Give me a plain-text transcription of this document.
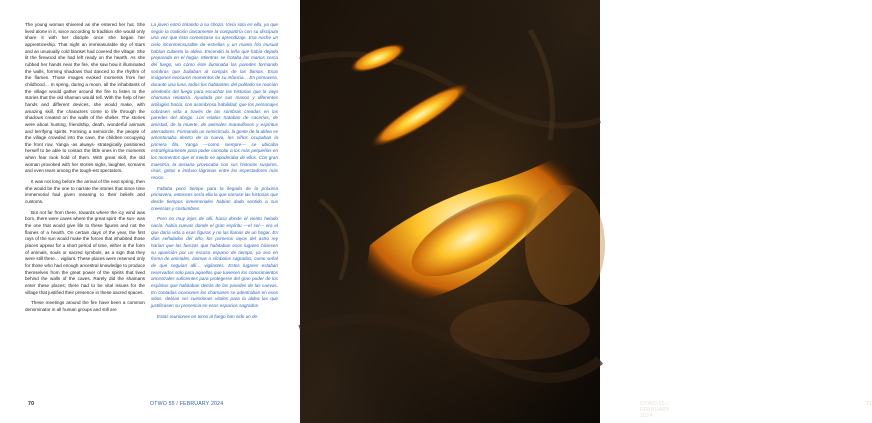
The young woman shivered as she entered her hut. She lived alone in it, since according to tradition she would only share it with her disciple once she began her apprenticeship. That night an immeasurable sky of stars and an unusually cold blanket had covered the village. She lit the firewood she had left ready on the hearth. As she rubbed her hands near the fire, she saw how it illuminated the walls, forming shadows that danced to the rhythm of the flames. Those images evoked moments from her childhood… In spring, during a moon, all the inhabitants of the village would gather around the fire to listen to the stories that the old shaman would tell. With the help of her hands and different devices, she would make, with amazing skill, the characters come to life through the shadows created on the walls of the shelter. The stories were about hunting, friendship, death, wonderful animals and terrifying spirits. Forming a semicircle, the people of the village crowded into the cave, the children occupying the front row. Yanga -as always- strategically positioned herself to be able to contact the little ones in the moments when fear took hold of them. With great skill, the old woman provoked with her stories sighs, laughter, screams and even tears among the tough-est spectators.

It was not long before the arrival of the next spring, then she would be the one to narrate the stories that since time immemorial had given meaning to their beliefs and customs.

But not far from there, towards where the icy wind was born, there were caves where the great spirit -the sun- was the one that would give life to these figures and not the flames of a hearth. On certain days of the year, the first rays of the sun would make the forces that inhabited those places appear for a short period of time, either in the form of animals, souls or sacred symbols, as a sign that they were still there… vigilant. These places were reserved only for those who had enough ancestral knowledge to produce themselves from the great power of the spirits that lived behind the walls of the caves. Rarely did the shamans enter these places; there had to be vital issues for the village that justified their presence in these sacred spaces.

These meetings around the fire have been a common denominator in all human groups and still are

La joven entró tiritando a su choza. Vivía sola en ella, ya que según la tradición únicamente la compartiría con su discípula una vez que ésta comenzase su aprendizaje. Esa noche un cielo inconmensurable de estrellas y un manto frío inusual habían cubierto la aldea. Encendió la leña que había dejado preparada en el hogar. Mientras se frotaba las manos cerca del fuego, vio cómo éste iluminaba las paredes formando sombras que bailaban al compás de las llamas. Esas imágenes evocaron momentos de su infancia… En primavera, durante una luna, todos los habitantes del poblado se reunían alrededor del fuego para escuchar las historias que la vieja chamana relataría. Ayudada por sus manos y diferentes artilugios hacía, con asombrosa habilidad, que los personajes cobrasen vida a través de las sombras creadas en las paredes del abrigo. Los relatos trataban de cacerías, de amistad, de la muerte, de animales maravillosos y espíritus aterradores. Formando un semicírculo, la gente de la aldea se amontonaba dentro de la cueva, los niños ocupaban la primera fila. Yanga —como siempre— se ubicaba estratégicamente para poder consolar a los más pequeños en los momentos que el miedo se apoderaba de ellos. Con gran maestría, la anciana provocaba con sus historias suspiros, risas, gritos e incluso lágrimas entre los espectadores más recios.

Faltaba poco tiempo para la llegada de la próxima primavera, entonces sería ella la que narrase las historias que desde tiempos inmemoriales habían dado sentido a sus creencias y costumbres.

Pero no muy lejos de allí, hacia donde el viento helado nacía, había cuevas donde el gran espíritu —el sol— era el que daría vida a esas figuras y no las llamas de un hogar. En días señalados del año, los primeros rayos del astro rey harían que las fuerzas que habitaban esos lugares hiciesen su aparición por un escaso espacio de tiempo, ya sea en forma de animales, ánimas o símbolos sagrados, como señal de que seguían allí… vigilantes. Estos lugares estaban reservados solo para aquellos que tuviesen los conocimientos ancestrales suficientes para protegerse del gran poder de los espíritus que habitaban detrás de las paredes de las cuevas. En contadas ocasiones los chamanes se adentraban en esos sitios, debían ser cuestiones vitales para la aldea las que justificasen su presencia en esos espacios sagrados.

Estas reuniones en torno al fuego han sido un de-

70	OTWO 55 / FEBRUARY 2024	OTWO 55 / FEBRUARY 2024
71
